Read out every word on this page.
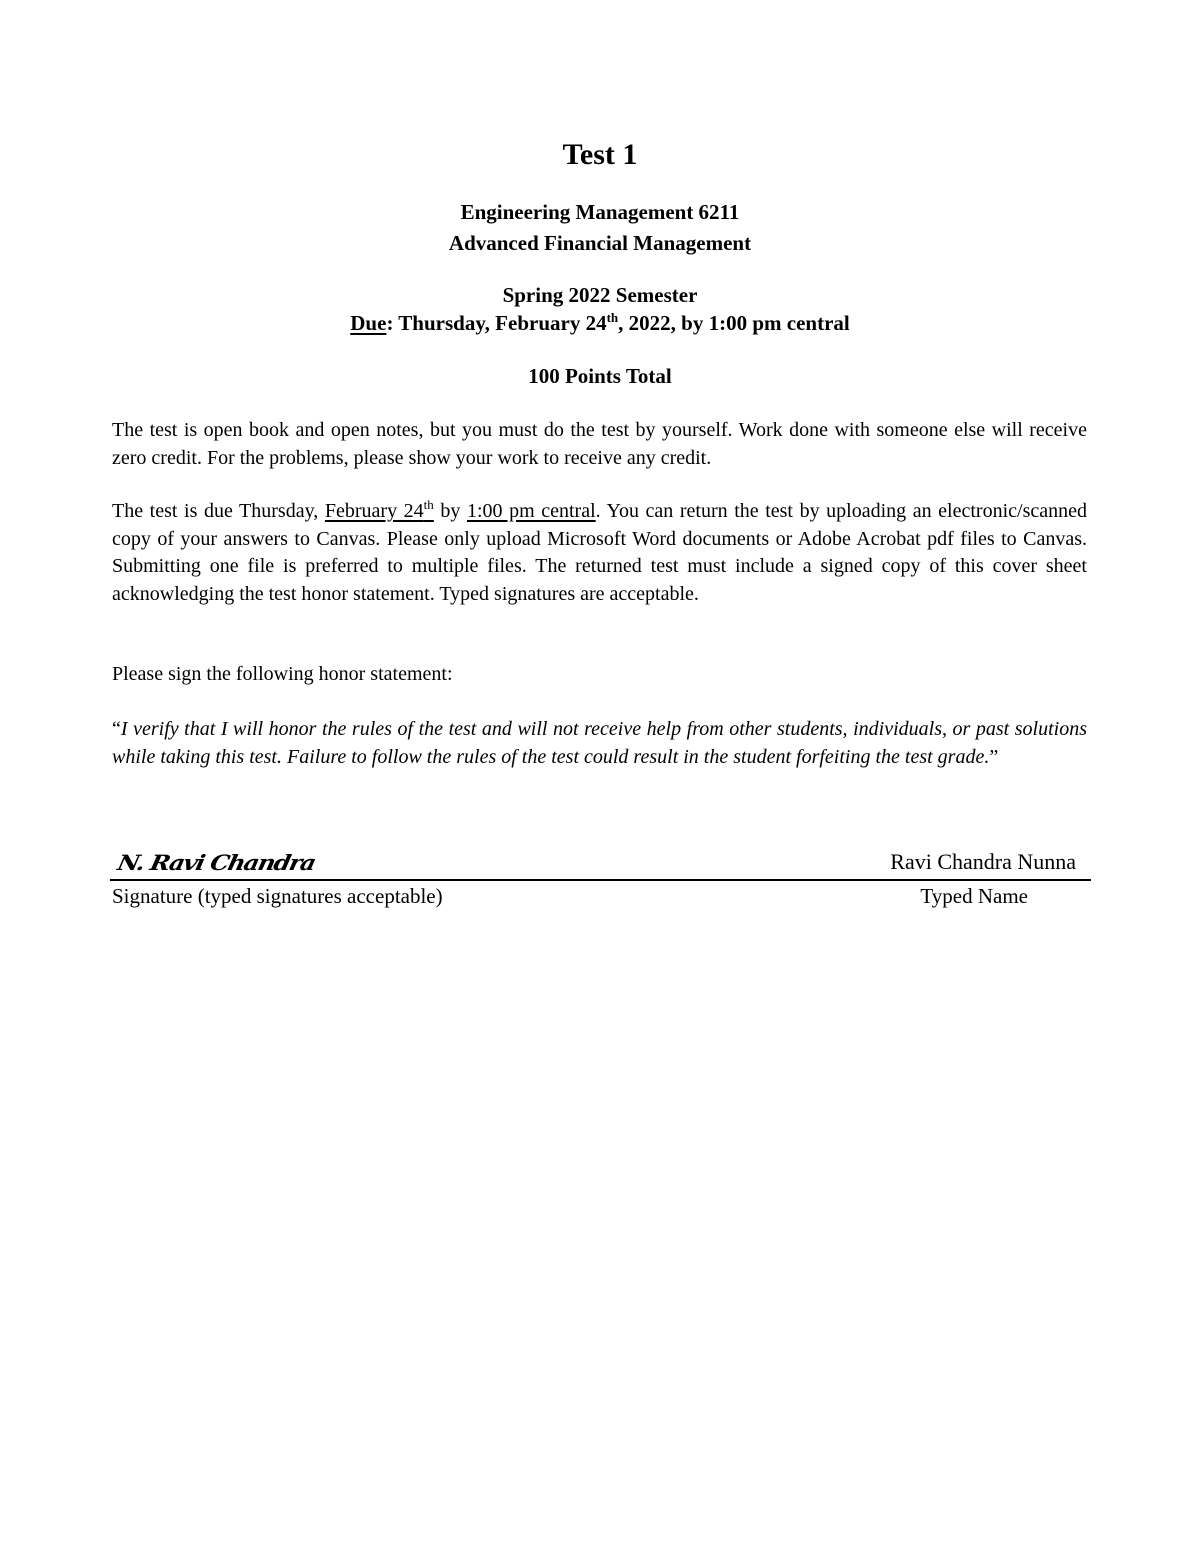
Test 1
Engineering Management 6211
Advanced Financial Management
Spring 2022 Semester
Due: Thursday, February 24th, 2022, by 1:00 pm central
100 Points Total
The test is open book and open notes, but you must do the test by yourself. Work done with someone else will receive zero credit. For the problems, please show your work to receive any credit.
The test is due Thursday, February 24th by 1:00 pm central. You can return the test by uploading an electronic/scanned copy of your answers to Canvas. Please only upload Microsoft Word documents or Adobe Acrobat pdf files to Canvas. Submitting one file is preferred to multiple files. The returned test must include a signed copy of this cover sheet acknowledging the test honor statement. Typed signatures are acceptable.
Please sign the following honor statement:
“I verify that I will honor the rules of the test and will not receive help from other students, individuals, or past solutions while taking this test. Failure to follow the rules of the test could result in the student forfeiting the test grade.”
N. Ravi Chandra	Ravi Chandra Nunna
Signature (typed signatures acceptable)	Typed Name
